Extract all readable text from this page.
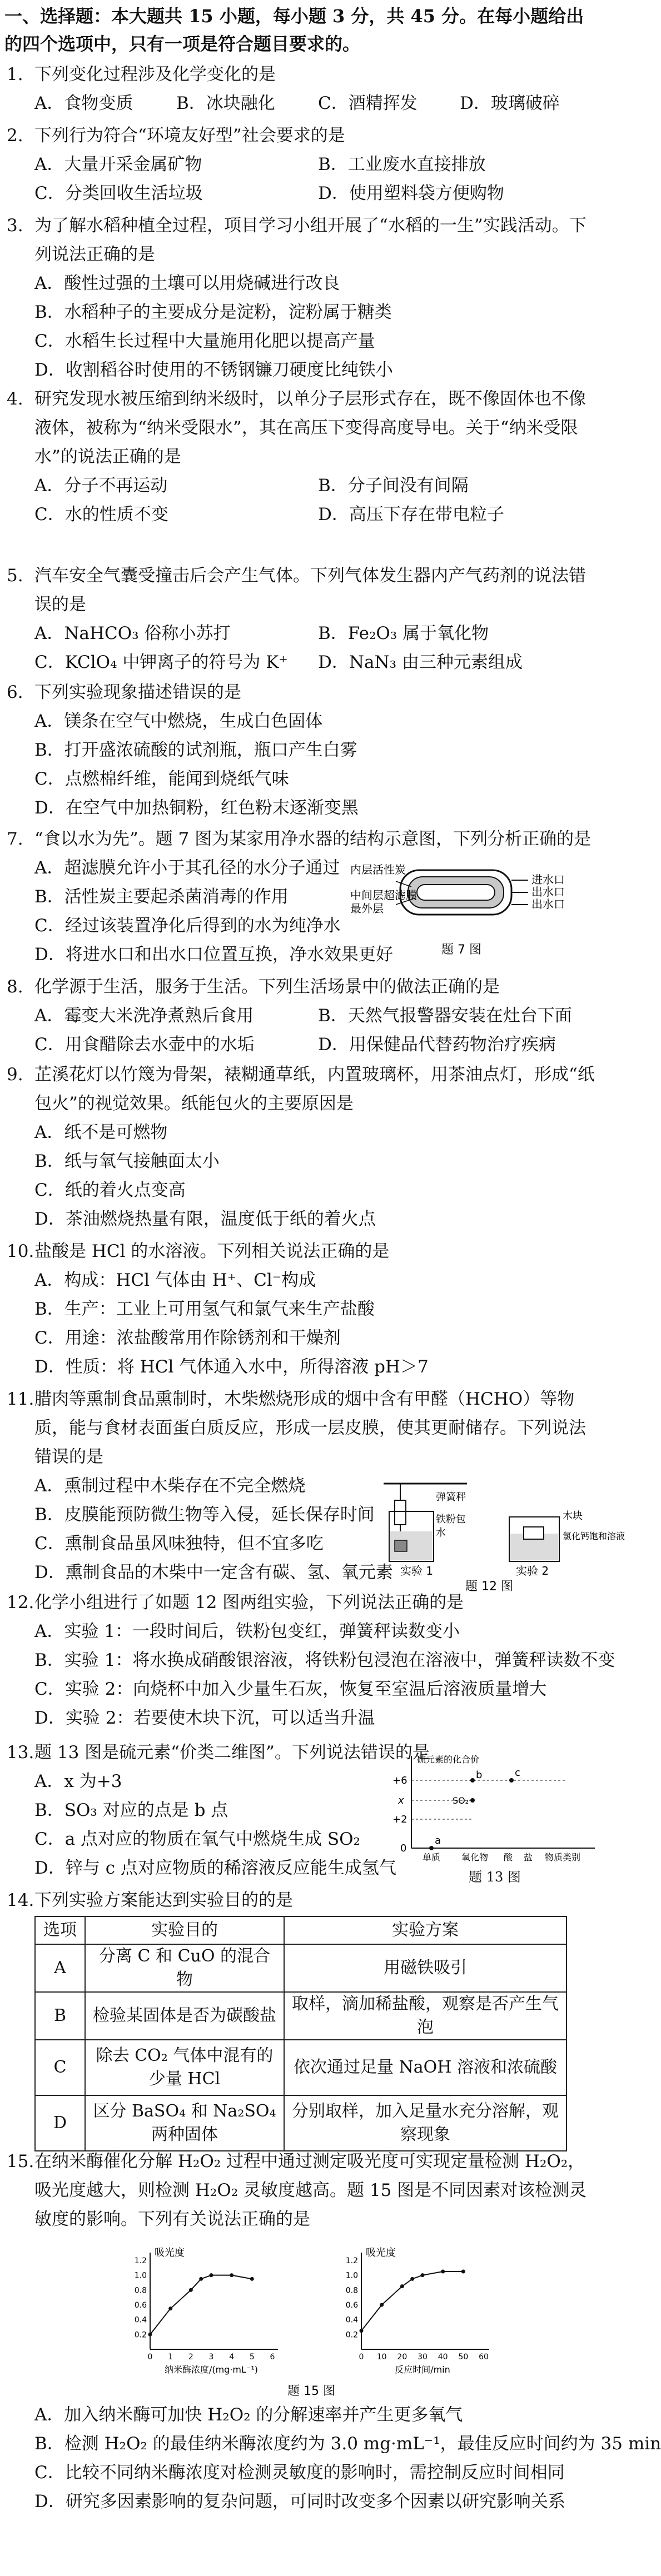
一、选择题：本大题共 15 小题，每小题 3 分，共 45 分。在每小题给出的四个选项中，只有一项是符合题目要求的。
1. 下列变化过程涉及化学变化的是
A．食物变质	B．冰块融化	C．酒精挥发	D．玻璃破碎
2. 下列行为符合“环境友好型”社会要求的是
A．大量开采金属矿物	B．工业废水直接排放
C．分类回收生活垃圾	D．使用塑料袋方便购物
3. 为了解水稻种植全过程，项目学习小组开展了“水稻的一生”实践活动。下列说法正确的是
A．酸性过强的土壤可以用烧碱进行改良
B．水稻种子的主要成分是淀粉，淀粉属于糖类
C．水稻生长过程中大量施用化肥以提高产量
D．收割稻谷时使用的不锈钢镰刀硬度比纯铁小
4. 研究发现水被压缩到纳米级时，以单分子层形式存在，既不像固体也不像液体，被称为“纳米受限水”，其在高压下变得高度导电。关于“纳米受限水”的说法正确的是
A．分子不再运动	B．分子间没有间隔
C．水的性质不变	D．高压下存在带电粒子
5. 汽车安全气囊受撞击后会产生气体。下列气体发生器内产气药剂的说法错误的是
A．NaHCO₃ 俗称小苏打	B．Fe₂O₃ 属于氧化物
C．KClO₄ 中钾离子的符号为 K⁺	D．NaN₃ 由三种元素组成
6. 下列实验现象描述错误的是
A．镁条在空气中燃烧，生成白色固体
B．打开盛浓硫酸的试剂瓶，瓶口产生白雾
C．点燃棉纤维，能闻到烧纸气味
D．在空气中加热铜粉，红色粉末逐渐变黑
7. “食以水为先”。题 7 图为某家用净水器的结构示意图，下列分析正确的是
A．超滤膜允许小于其孔径的水分子通过
B．活性炭主要起杀菌消毒的作用
C．经过该装置净化后得到的水为纯净水
D．将进水口和出水口位置互换，净水效果更好
内层活性炭
中间层超滤膜
最外层
进水口
出水口
出水口
题 7 图
8. 化学源于生活，服务于生活。下列生活场景中的做法正确的是
A．霉变大米洗净煮熟后食用	B．天然气报警器安装在灶台下面
C．用食醋除去水壶中的水垢	D．用保健品代替药物治疗疾病
9. 芷溪花灯以竹篾为骨架，裱糊通草纸，内置玻璃杯，用茶油点灯，形成“纸包火”的视觉效果。纸能包火的主要原因是
A．纸不是可燃物
B．纸与氧气接触面太小
C．纸的着火点变高
D．茶油燃烧热量有限，温度低于纸的着火点
10. 盐酸是 HCl 的水溶液。下列相关说法正确的是
A．构成：HCl 气体由 H⁺、Cl⁻构成
B．生产：工业上可用氢气和氯气来生产盐酸
C．用途：浓盐酸常用作除锈剂和干燥剂
D．性质：将 HCl 气体通入水中，所得溶液 pH＞7
11. 腊肉等熏制食品熏制时，木柴燃烧形成的烟中含有甲醛（HCHO）等物质，能与食材表面蛋白质反应，形成一层皮膜，使其更耐储存。下列说法错误的是
A．熏制过程中木柴存在不完全燃烧
B．皮膜能预防微生物等入侵，延长保存时间
C．熏制食品虽风味独特，但不宜多吃
D．熏制食品的木柴中一定含有碳、氢、氧元素
弹簧秤
铁粉包
水
实验 1
木块
氯化钙饱和溶液
实验 2
题 12 图
12. 化学小组进行了如题 12 图两组实验，下列说法正确的是
A．实验 1：一段时间后，铁粉包变红，弹簧秤读数变小
B．实验 1：将水换成硝酸银溶液，将铁粉包浸泡在溶液中，弹簧秤读数不变
C．实验 2：向烧杯中加入少量生石灰，恢复至室温后溶液质量增大
D．实验 2：若要使木块下沉，可以适当升温
13. 题 13 图是硫元素“价类二维图”。下列说法错误的是
A．x 为+3
B．SO₃ 对应的点是 b 点
C．a 点对应的物质在氧气中燃烧生成 SO₂
D．锌与 c 点对应物质的稀溶液反应能生成氢气
硫元素的化合价
+6
x
+2
0
a
b	c
SO₂
单质 氧化物 酸 盐 物质类别
题 13 图
14. 下列实验方案能达到实验目的的是
选项	实验目的	实验方案
A	分离 C 和 CuO 的混合物	用磁铁吸引
B	检验某固体是否为碳酸盐	取样，滴加稀盐酸，观察是否产生气泡
C	除去 CO₂ 气体中混有的少量 HCl	依次通过足量 NaOH 溶液和浓硫酸
D	区分 BaSO₄ 和 Na₂SO₄ 两种固体	分别取样，加入足量水充分溶解，观察现象
15. 在纳米酶催化分解 H₂O₂ 过程中通过测定吸光度可实现定量检测 H₂O₂，吸光度越大，则检测 H₂O₂ 灵敏度越高。题 15 图是不同因素对该检测灵敏度的影响。下列有关说法正确的是
吸光度
0.2
0.4
0.6
0.8
1.0
1.2
0 1 2 3 4 5 6
纳米酶浓度/(mg·mL⁻¹)
吸光度
0.2
0.4
0.6
0.8
1.0
1.2
0 10 20 30 40 50 60
反应时间/min
题 15 图
A．加入纳米酶可加快 H₂O₂ 的分解速率并产生更多氧气
B．检测 H₂O₂ 的最佳纳米酶浓度约为 3.0 mg·mL⁻¹，最佳反应时间约为 35 min
C．比较不同纳米酶浓度对检测灵敏度的影响时，需控制反应时间相同
D．研究多因素影响的复杂问题，可同时改变多个因素以研究影响关系
